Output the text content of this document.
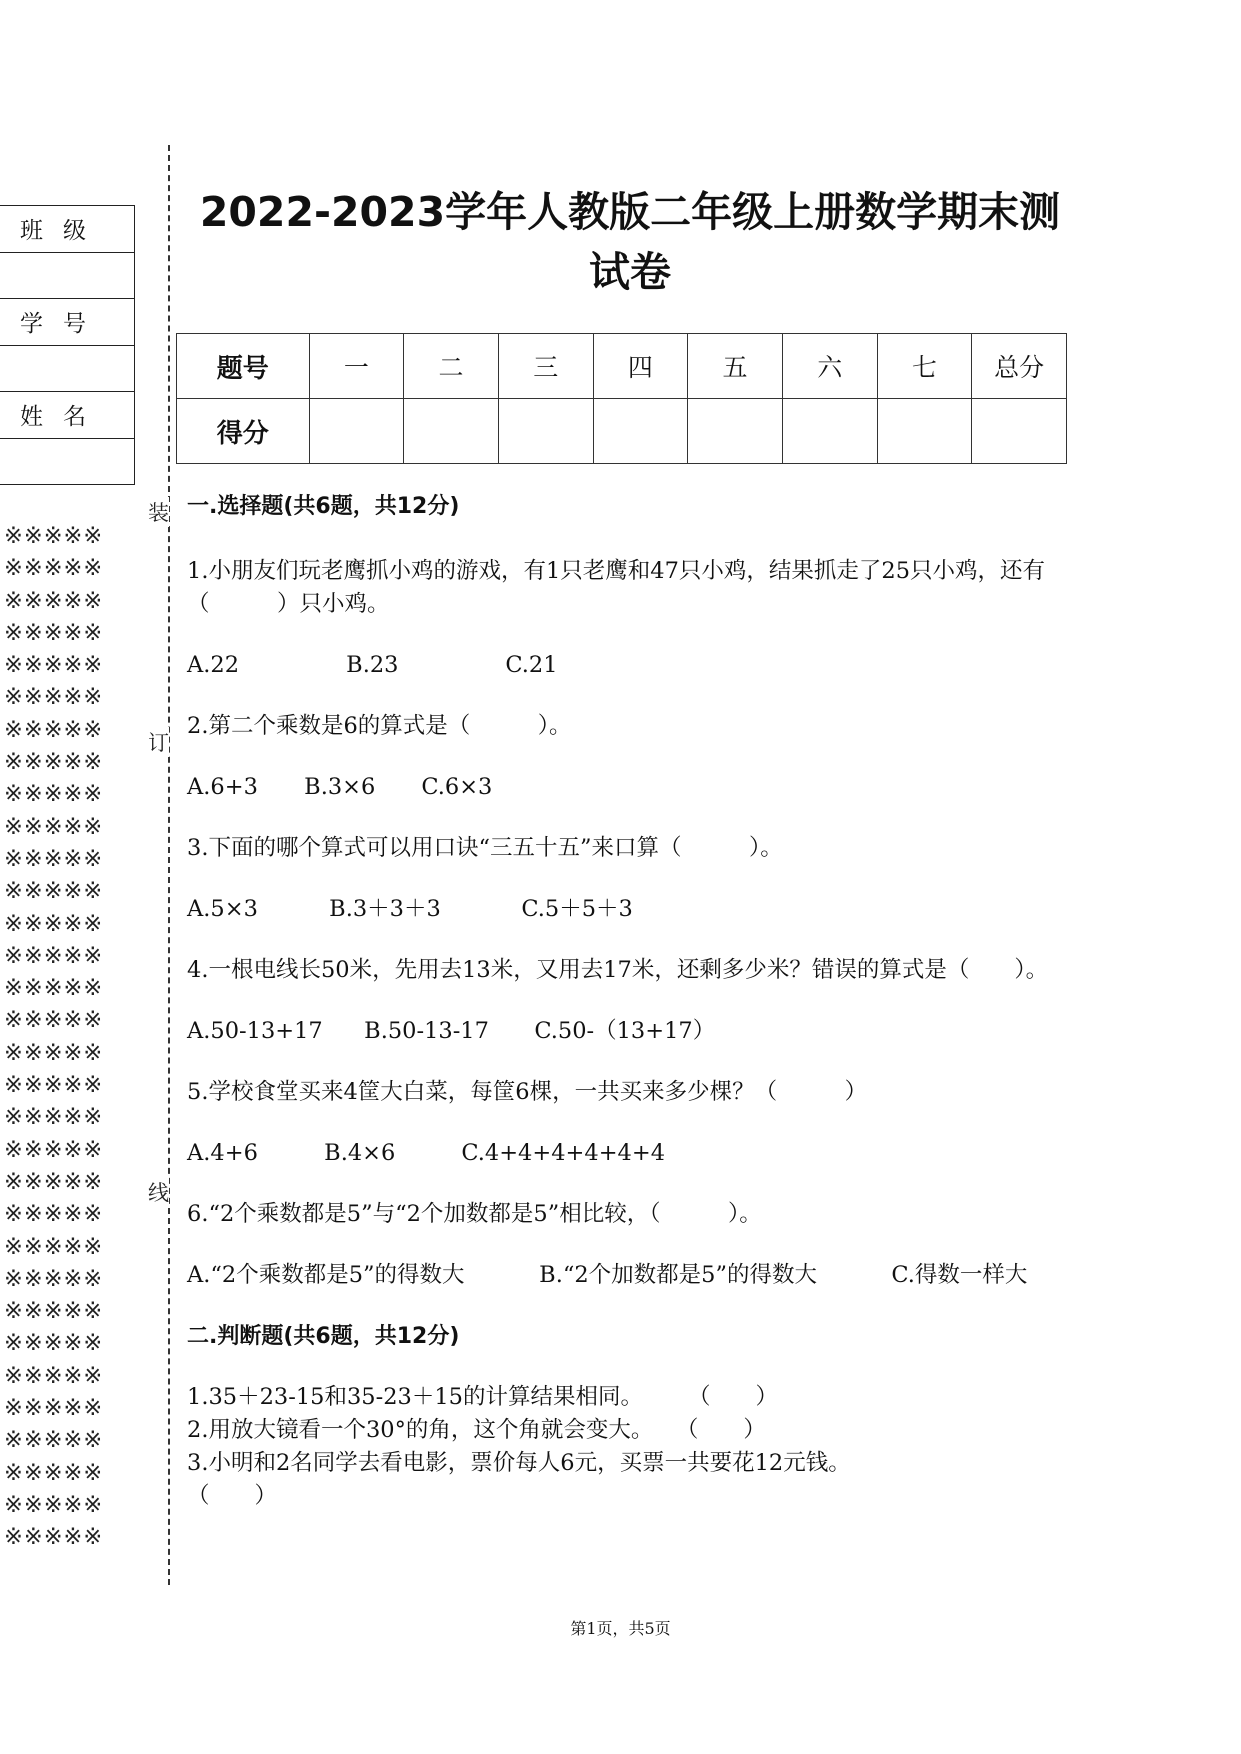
班级

学号

姓名

※※※※※
※※※※※
※※※※※
※※※※※
※※※※※
※※※※※
※※※※※
※※※※※
※※※※※
※※※※※
※※※※※
※※※※※
※※※※※
※※※※※
※※※※※
※※※※※
※※※※※
※※※※※
※※※※※
※※※※※
※※※※※
※※※※※
※※※※※
※※※※※
※※※※※
※※※※※
※※※※※
※※※※※
※※※※※
※※※※※
※※※※※
※※※※※
装
订
线
2022-2023学年人教版二年级上册数学期末测试卷
题号	一	二	三	四	五	六	七	总分
得分								

一.选择题(共6题，共12分)

1.小朋友们玩老鹰抓小鸡的游戏，有1只老鹰和47只小鸡，结果抓走了25只小鸡，还有（　　　）只小鸡。

A.22	B.23	C.21

2.第二个乘数是6的算式是（　　　）。

A.6+3 B.3×6 C.6×3

3.下面的哪个算式可以用口诀“三五十五”来口算（　　　）。

A.5×3	B.3＋3＋3	C.5＋5＋3

4.一根电线长50米，先用去13米，又用去17米，还剩多少米？错误的算式是（　　）。

A.50-13+17 B.50-13-17 C.50-（13+17）

5.学校食堂买来4筐大白菜，每筐6棵，一共买来多少棵？（　　　）

A.4+6	B.4×6	C.4+4+4+4+4+4

6.“2个乘数都是5”与“2个加数都是5”相比较，（　　　）。

A.“2个乘数都是5”的得数大	B.“2个加数都是5”的得数大	C.得数一样大

二.判断题(共6题，共12分)

1.35＋23-15和35-23＋15的计算结果相同。　　　（　　）

2.用放大镜看一个30°的角，这个角就会变大。　　（　　）

3.小明和2名同学去看电影，票价每人6元，买票一共要花12元钱。

（　　）

第1页，共5页
